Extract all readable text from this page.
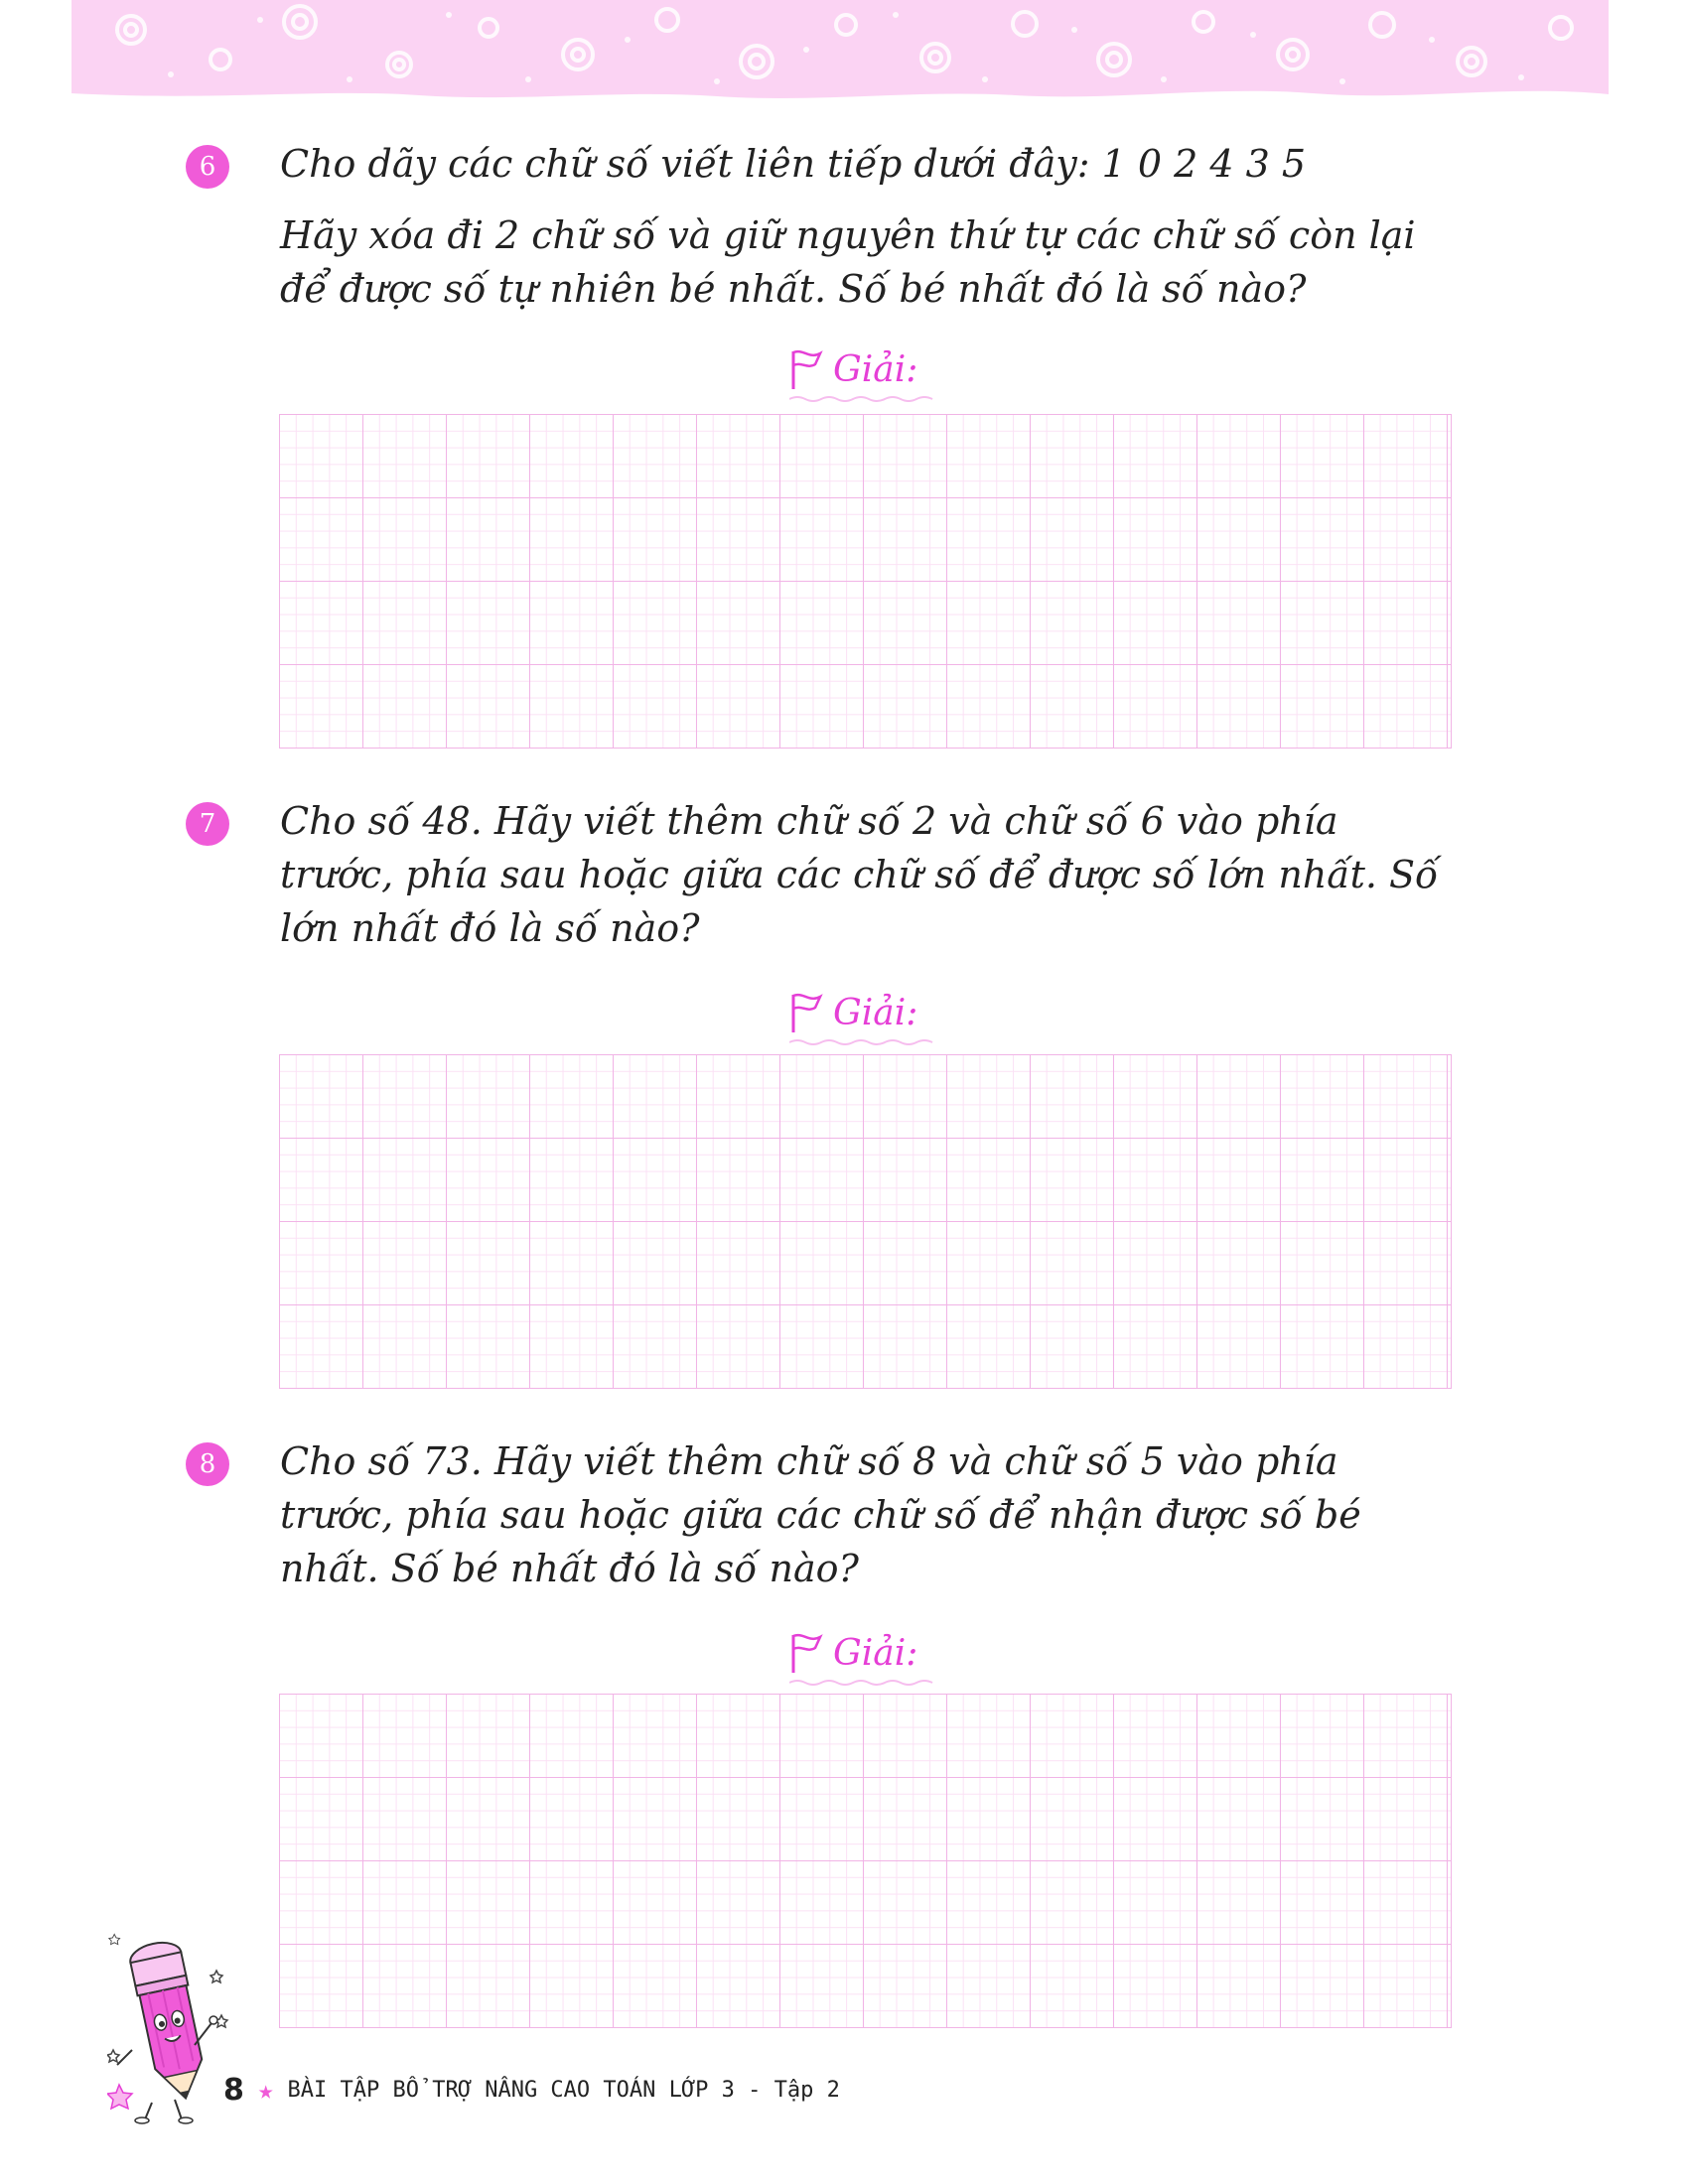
6	Cho dãy các chữ số viết liên tiếp dưới đây: 1 0 2 4 3 5

Hãy xóa đi 2 chữ số và giữ nguyên thứ tự các chữ số còn lại để được số tự nhiên bé nhất. Số bé nhất đó là số nào?

Giải:
7	Cho số 48. Hãy viết thêm chữ số 2 và chữ số 6 vào phía trước, phía sau hoặc giữa các chữ số để được số lớn nhất. Số lớn nhất đó là số nào?

Giải:
8	Cho số 73. Hãy viết thêm chữ số 8 và chữ số 5 vào phía trước, phía sau hoặc giữa các chữ số để nhận được số bé nhất. Số bé nhất đó là số nào?

Giải:
8 ★ BÀI TẬP BỔ TRỢ NÂNG CAO TOÁN LỚP 3 - Tập 2
